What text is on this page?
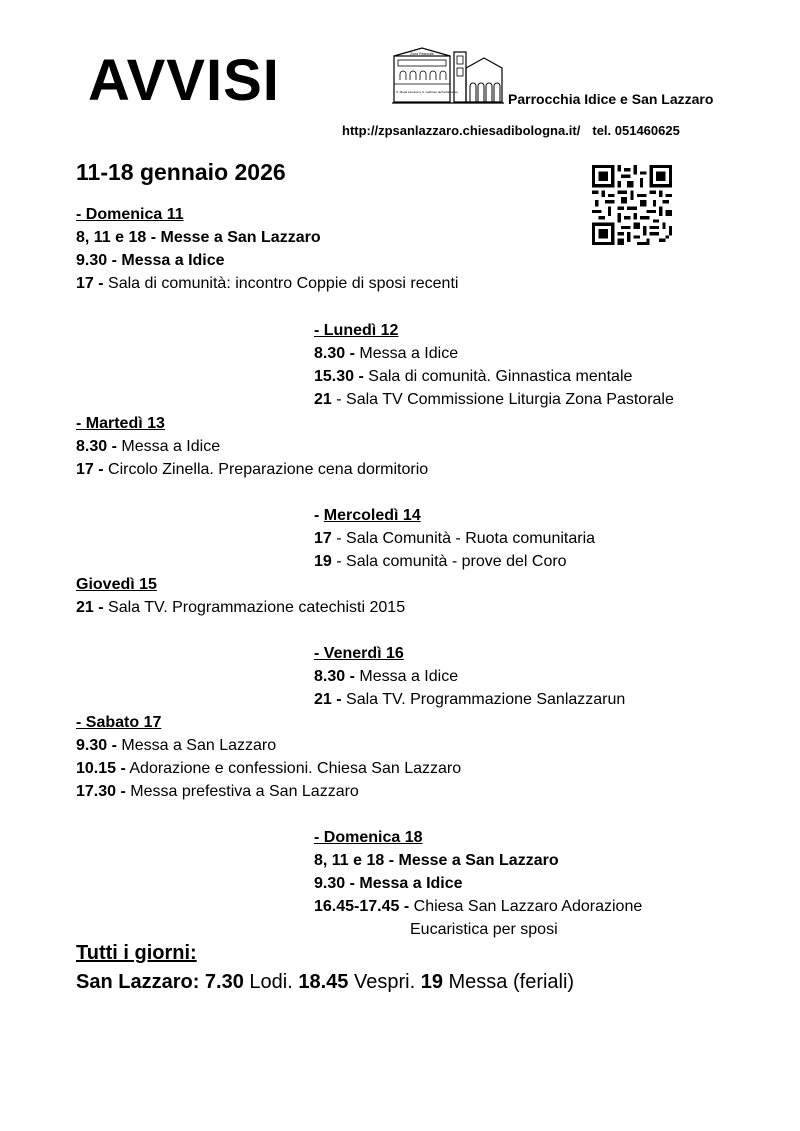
AVVISI	Zona Pastorale
S. Maria Assunta e S. Gabriele dell'Addolorata	Parrocchia Idice e San Lazzaro
http://zpsanlazzaro.chiesadibologna.it/ tel. 051460625
11-18 gennaio 2026
- Domenica 11
8, 11 e 18 - Messe a San Lazzaro
9.30 - Messa a Idice
17 - Sala di comunità: incontro Coppie di sposi recenti
- Lunedì 12
8.30 - Messa a Idice
15.30 - Sala di comunità. Ginnastica mentale
21 - Sala TV Commissione Liturgia Zona Pastorale
- Martedì 13
8.30 - Messa a Idice
17 - Circolo Zinella. Preparazione cena dormitorio
- Mercoledì 14
17 - Sala Comunità - Ruota comunitaria
19 - Sala comunità - prove del Coro
Giovedì 15
21 - Sala TV. Programmazione catechisti 2015
- Venerdì 16
8.30 - Messa a Idice
21 - Sala TV. Programmazione Sanlazzarun
- Sabato 17
9.30 - Messa a San Lazzaro
10.15 - Adorazione e confessioni. Chiesa San Lazzaro
17.30 - Messa prefestiva a San Lazzaro
- Domenica 18
8, 11 e 18 - Messe a San Lazzaro
9.30 - Messa a Idice
16.45-17.45 - Chiesa San Lazzaro Adorazione
Eucaristica per sposi
Tutti i giorni:
San Lazzaro: 7.30 Lodi. 18.45 Vespri. 19 Messa (feriali)
